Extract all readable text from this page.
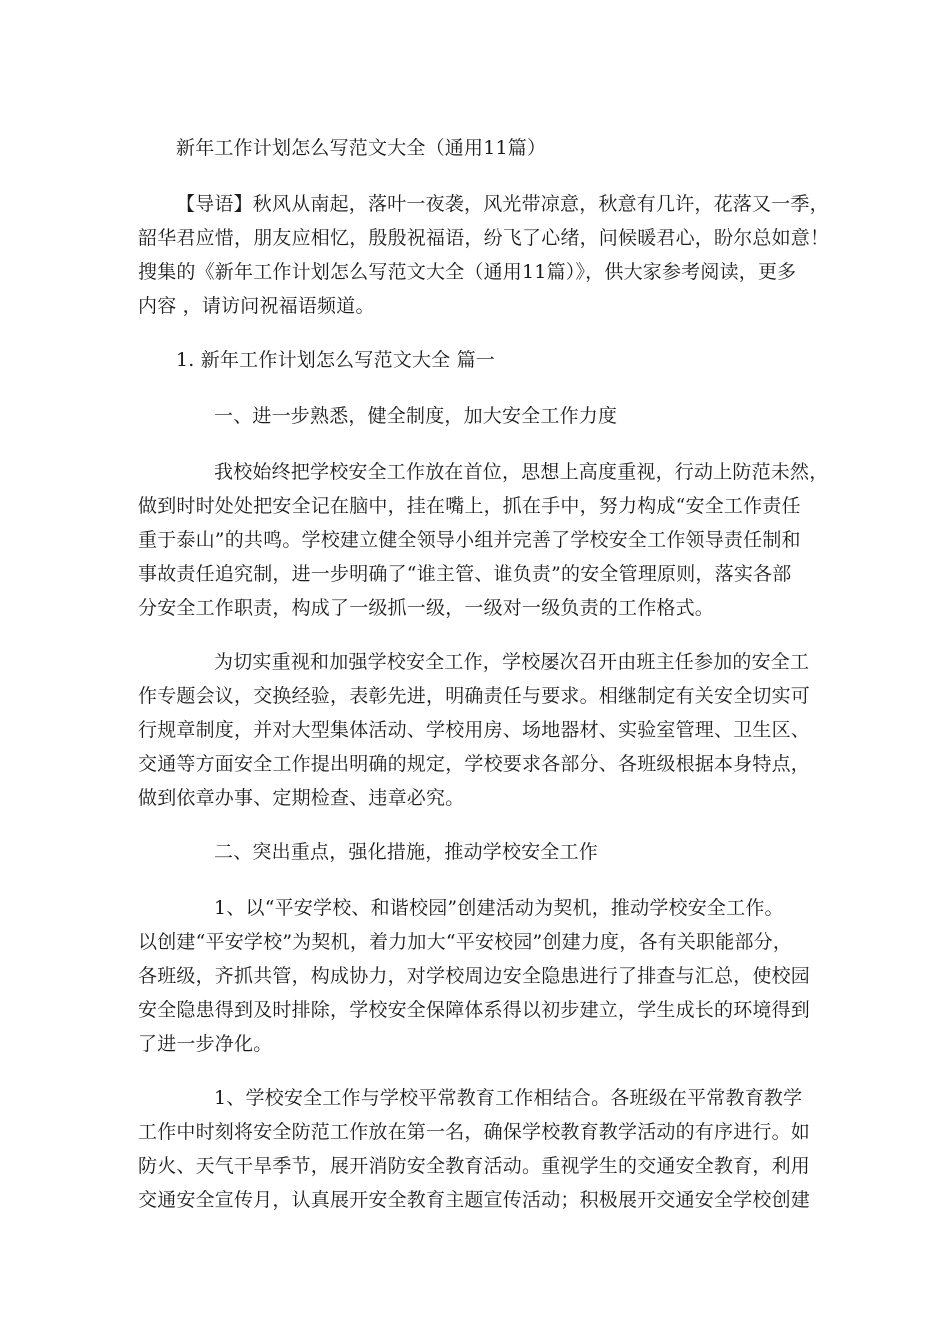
新年工作计划怎么写范文大全（通用11篇）
【导语】秋风从南起，落叶一夜袭，风光带凉意，秋意有几许，花落又一季，
韶华君应惜，朋友应相忆，殷殷祝福语，纷飞了心绪，问候暖君心，盼尔总如意！
搜集的《新年工作计划怎么写范文大全（通用11篇）》，供大家参考阅读，更多
内容 ，请访问祝福语频道。
1. 新年工作计划怎么写范文大全 篇一
一、进一步熟悉，健全制度，加大安全工作力度
我校始终把学校安全工作放在首位，思想上高度重视，行动上防范未然，
做到时时处处把安全记在脑中，挂在嘴上，抓在手中，努力构成“安全工作责任
重于泰山”的共鸣。学校建立健全领导小组并完善了学校安全工作领导责任制和
事故责任追究制，进一步明确了“谁主管、谁负责”的安全管理原则，落实各部
分安全工作职责，构成了一级抓一级，一级对一级负责的工作格式。
为切实重视和加强学校安全工作，学校屡次召开由班主任参加的安全工
作专题会议，交换经验，表彰先进，明确责任与要求。相继制定有关安全切实可
行规章制度，并对大型集体活动、学校用房、场地器材、实验室管理、卫生区、
交通等方面安全工作提出明确的规定，学校要求各部分、各班级根据本身特点，
做到依章办事、定期检查、违章必究。
二、突出重点，强化措施，推动学校安全工作
1、以“平安学校、和谐校园”创建活动为契机，推动学校安全工作。
以创建“平安学校”为契机，着力加大“平安校园”创建力度，各有关职能部分，
各班级，齐抓共管，构成协力，对学校周边安全隐患进行了排查与汇总，使校园
安全隐患得到及时排除，学校安全保障体系得以初步建立，学生成长的环境得到
了进一步净化。
1、学校安全工作与学校平常教育工作相结合。各班级在平常教育教学
工作中时刻将安全防范工作放在第一名，确保学校教育教学活动的有序进行。如
防火、天气干旱季节，展开消防安全教育活动。重视学生的交通安全教育，利用
交通安全宣传月，认真展开安全教育主题宣传活动；积极展开交通安全学校创建
